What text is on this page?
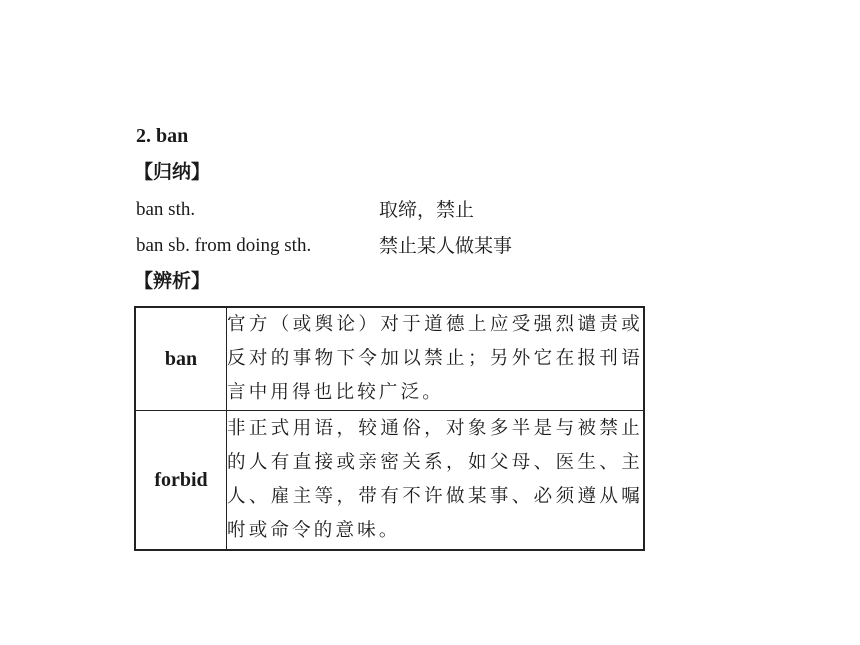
2. ban
【归纳】
ban sth.	取缔，禁止
ban sb. from doing sth.	禁止某人做某事
【辨析】
ban	官方（或舆论）对于道德上应受强烈谴责或反对的事物下令加以禁止；另外它在报刊语言中用得也比较广泛。
forbid	非正式用语，较通俗，对象多半是与被禁止的人有直接或亲密关系，如父母、医生、主人、雇主等，带有不许做某事、必须遵从嘱咐或命令的意味。
